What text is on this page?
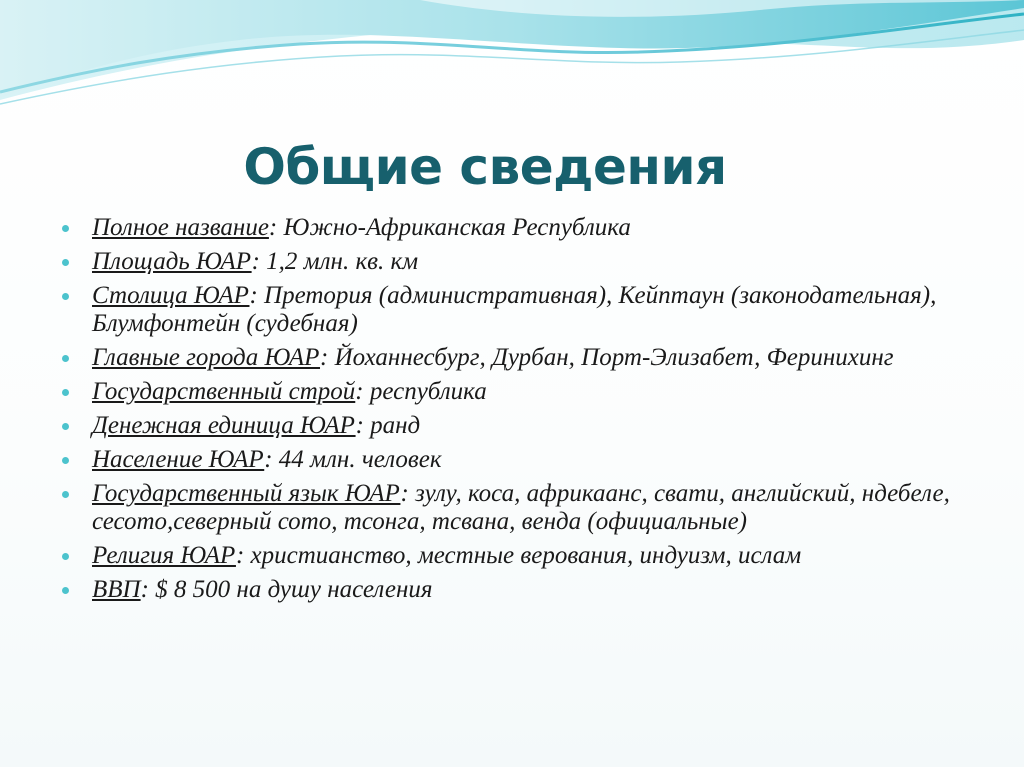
Общие сведения
Полное название: Южно-Африканская Республика
Площадь ЮАР: 1,2 млн. кв. км
Столица ЮАР: Претория (административная), Кейптаун (законодательная), Блумфонтейн (судебная)
Главные города ЮАР: Йоханнесбург, Дурбан, Порт-Элизабет, Феринихинг
Государственный строй: республика
Денежная единица ЮАР: ранд
Население ЮАР: 44 млн. человек
Государственный язык ЮАР: зулу, коса, африкаанс, свати, английский, ндебеле, сесото,северный сото, тсонга, тсвана, венда (официальные)
Религия ЮАР: христианство, местные верования, индуизм, ислам
ВВП: $ 8 500 на душу населения
